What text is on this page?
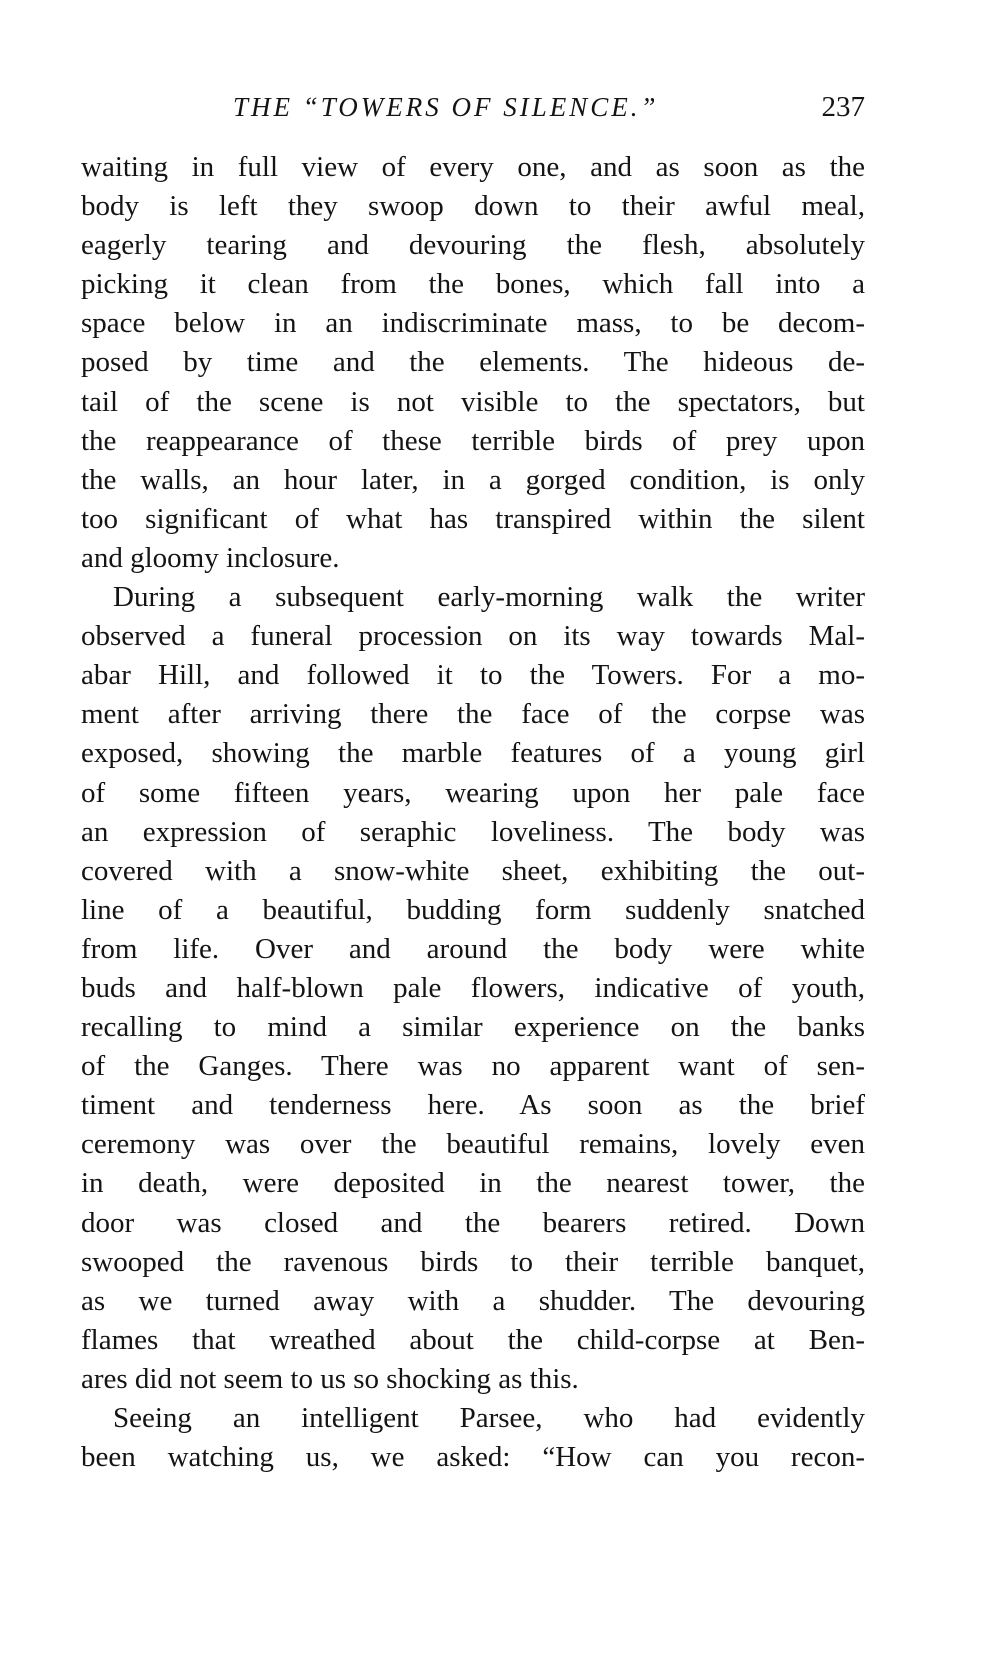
THE “TOWERS OF SILENCE.”	237

waiting in full view of every one, and as soon as the
body is left they swoop down to their awful meal,
eagerly tearing and devouring the flesh, absolutely
picking it clean from the bones, which fall into a
space below in an indiscriminate mass, to be decom-
posed by time and the elements. The hideous de-
tail of the scene is not visible to the spectators, but
the reappearance of these terrible birds of prey upon
the walls, an hour later, in a gorged condition, is only
too significant of what has transpired within the silent
and gloomy inclosure.

During a subsequent early-morning walk the writer
observed a funeral procession on its way towards Mal-
abar Hill, and followed it to the Towers. For a mo-
ment after arriving there the face of the corpse was
exposed, showing the marble features of a young girl
of some fifteen years, wearing upon her pale face
an expression of seraphic loveliness. The body was
covered with a snow-white sheet, exhibiting the out-
line of a beautiful, budding form suddenly snatched
from life. Over and around the body were white
buds and half-blown pale flowers, indicative of youth,
recalling to mind a similar experience on the banks
of the Ganges. There was no apparent want of sen-
timent and tenderness here. As soon as the brief
ceremony was over the beautiful remains, lovely even
in death, were deposited in the nearest tower, the
door was closed and the bearers retired. Down
swooped the ravenous birds to their terrible banquet,
as we turned away with a shudder. The devouring
flames that wreathed about the child-corpse at Ben-
ares did not seem to us so shocking as this.

Seeing an intelligent Parsee, who had evidently
been watching us, we asked: “How can you recon-
